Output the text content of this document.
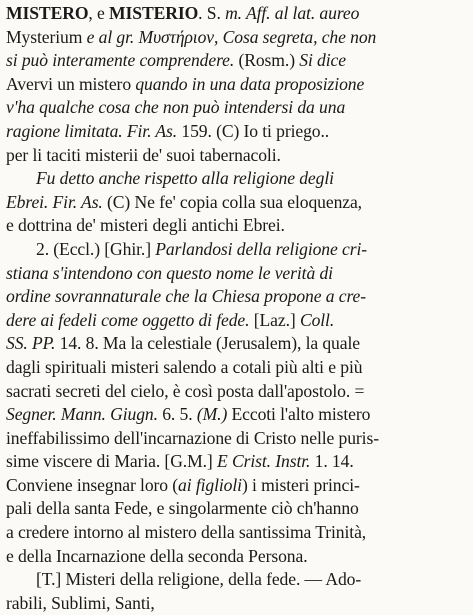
MISTERO, e MISTERIO. S. m. Aff. al lat. aureo
Mysterium e al gr. Μυστήριον, Cosa segreta, che non
si può interamente comprendere. (Rosm.) Si dice
Avervi un mistero quando in una data proposizione
v'ha qualche cosa che non può intendersi da una
ragione limitata. Fir. As. 159. (C) Io ti priego..
per li taciti misterii de' suoi tabernacoli.
Fu detto anche rispetto alla religione degli
Ebrei. Fir. As. (C) Ne fe' copia colla sua eloquenza,
e dottrina de' misteri degli antichi Ebrei.
2. (Eccl.) [Ghir.] Parlandosi della religione cri-
stiana s'intendono con questo nome le verità di
ordine sovrannaturale che la Chiesa propone a cre-
dere ai fedeli come oggetto di fede. [Laz.] Coll.
SS. PP. 14. 8. Ma la celestiale (Jerusalem), la quale
dagli spirituali misteri salendo a cotali più alti e più
sacrati secreti del cielo, è così posta dall'apostolo. =
Segner. Mann. Giugn. 6. 5. (M.) Eccoti l'alto mistero
ineffabilissimo dell'incarnazione di Cristo nelle puris-
sime viscere di Maria. [G.M.] E Crist. Instr. 1. 14.
Conviene insegnar loro (ai figlioli) i misteri princi-
pali della santa Fede, e singolarmente ciò ch'hanno
a credere intorno al mistero della santissima Trinità,
e della Incarnazione della seconda Persona.
[T.] Misteri della religione, della fede. — Ado-
rabili, Sublimi, Santi,
